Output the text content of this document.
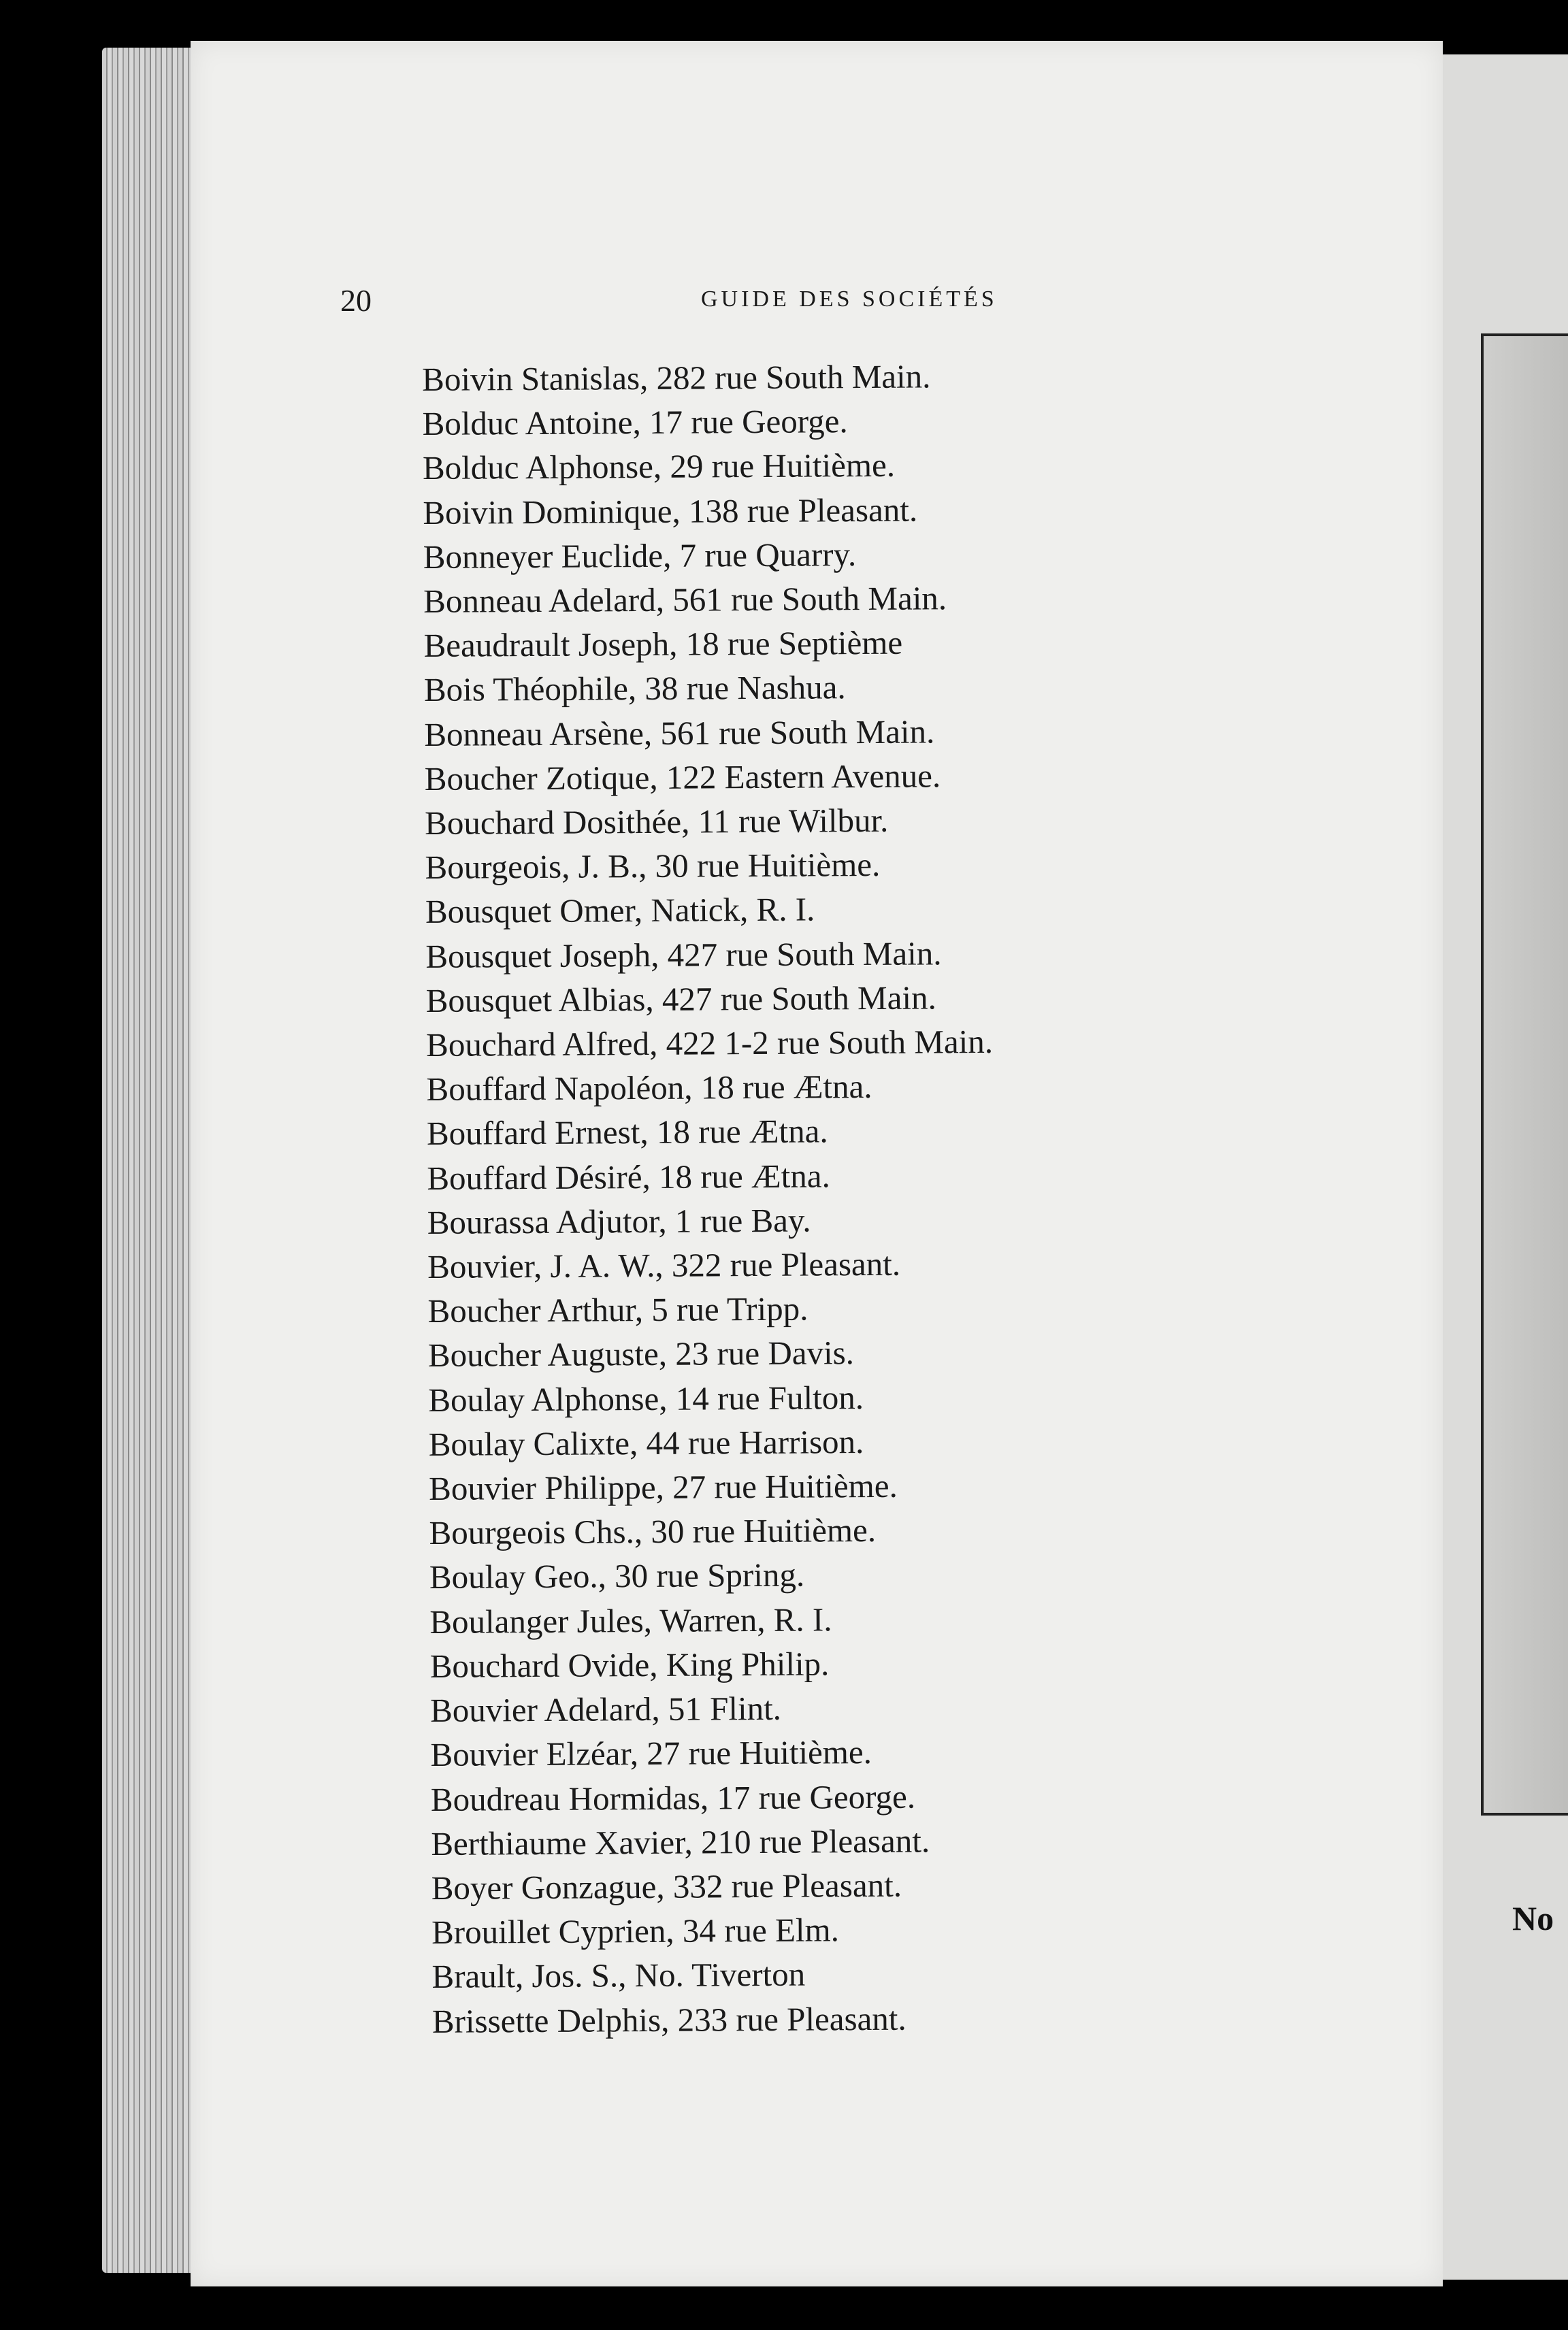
No
20	GUIDE DES SOCIÉTÉS
Boivin Stanislas, 282 rue South Main.
Bolduc Antoine, 17 rue George.
Bolduc Alphonse, 29 rue Huitième.
Boivin Dominique, 138 rue Pleasant.
Bonneyer Euclide, 7 rue Quarry.
Bonneau Adelard, 561 rue South Main.
Beaudrault Joseph, 18 rue Septième
Bois Théophile, 38 rue Nashua.
Bonneau Arsène, 561 rue South Main.
Boucher Zotique, 122 Eastern Avenue.
Bouchard Dosithée, 11 rue Wilbur.
Bourgeois, J. B., 30 rue Huitième.
Bousquet Omer, Natick, R. I.
Bousquet Joseph, 427 rue South Main.
Bousquet Albias, 427 rue South Main.
Bouchard Alfred, 422 1-2 rue South Main.
Bouffard Napoléon, 18 rue Ætna.
Bouffard Ernest, 18 rue Ætna.
Bouffard Désiré, 18 rue Ætna.
Bourassa Adjutor, 1 rue Bay.
Bouvier, J. A. W., 322 rue Pleasant.
Boucher Arthur, 5 rue Tripp.
Boucher Auguste, 23 rue Davis.
Boulay Alphonse, 14 rue Fulton.
Boulay Calixte, 44 rue Harrison.
Bouvier Philippe, 27 rue Huitième.
Bourgeois Chs., 30 rue Huitième.
Boulay Geo., 30 rue Spring.
Boulanger Jules, Warren, R. I.
Bouchard Ovide, King Philip.
Bouvier Adelard, 51 Flint.
Bouvier Elzéar, 27 rue Huitième.
Boudreau Hormidas, 17 rue George.
Berthiaume Xavier, 210 rue Pleasant.
Boyer Gonzague, 332 rue Pleasant.
Brouillet Cyprien, 34 rue Elm.
Brault, Jos. S., No. Tiverton
Brissette Delphis, 233 rue Pleasant.
